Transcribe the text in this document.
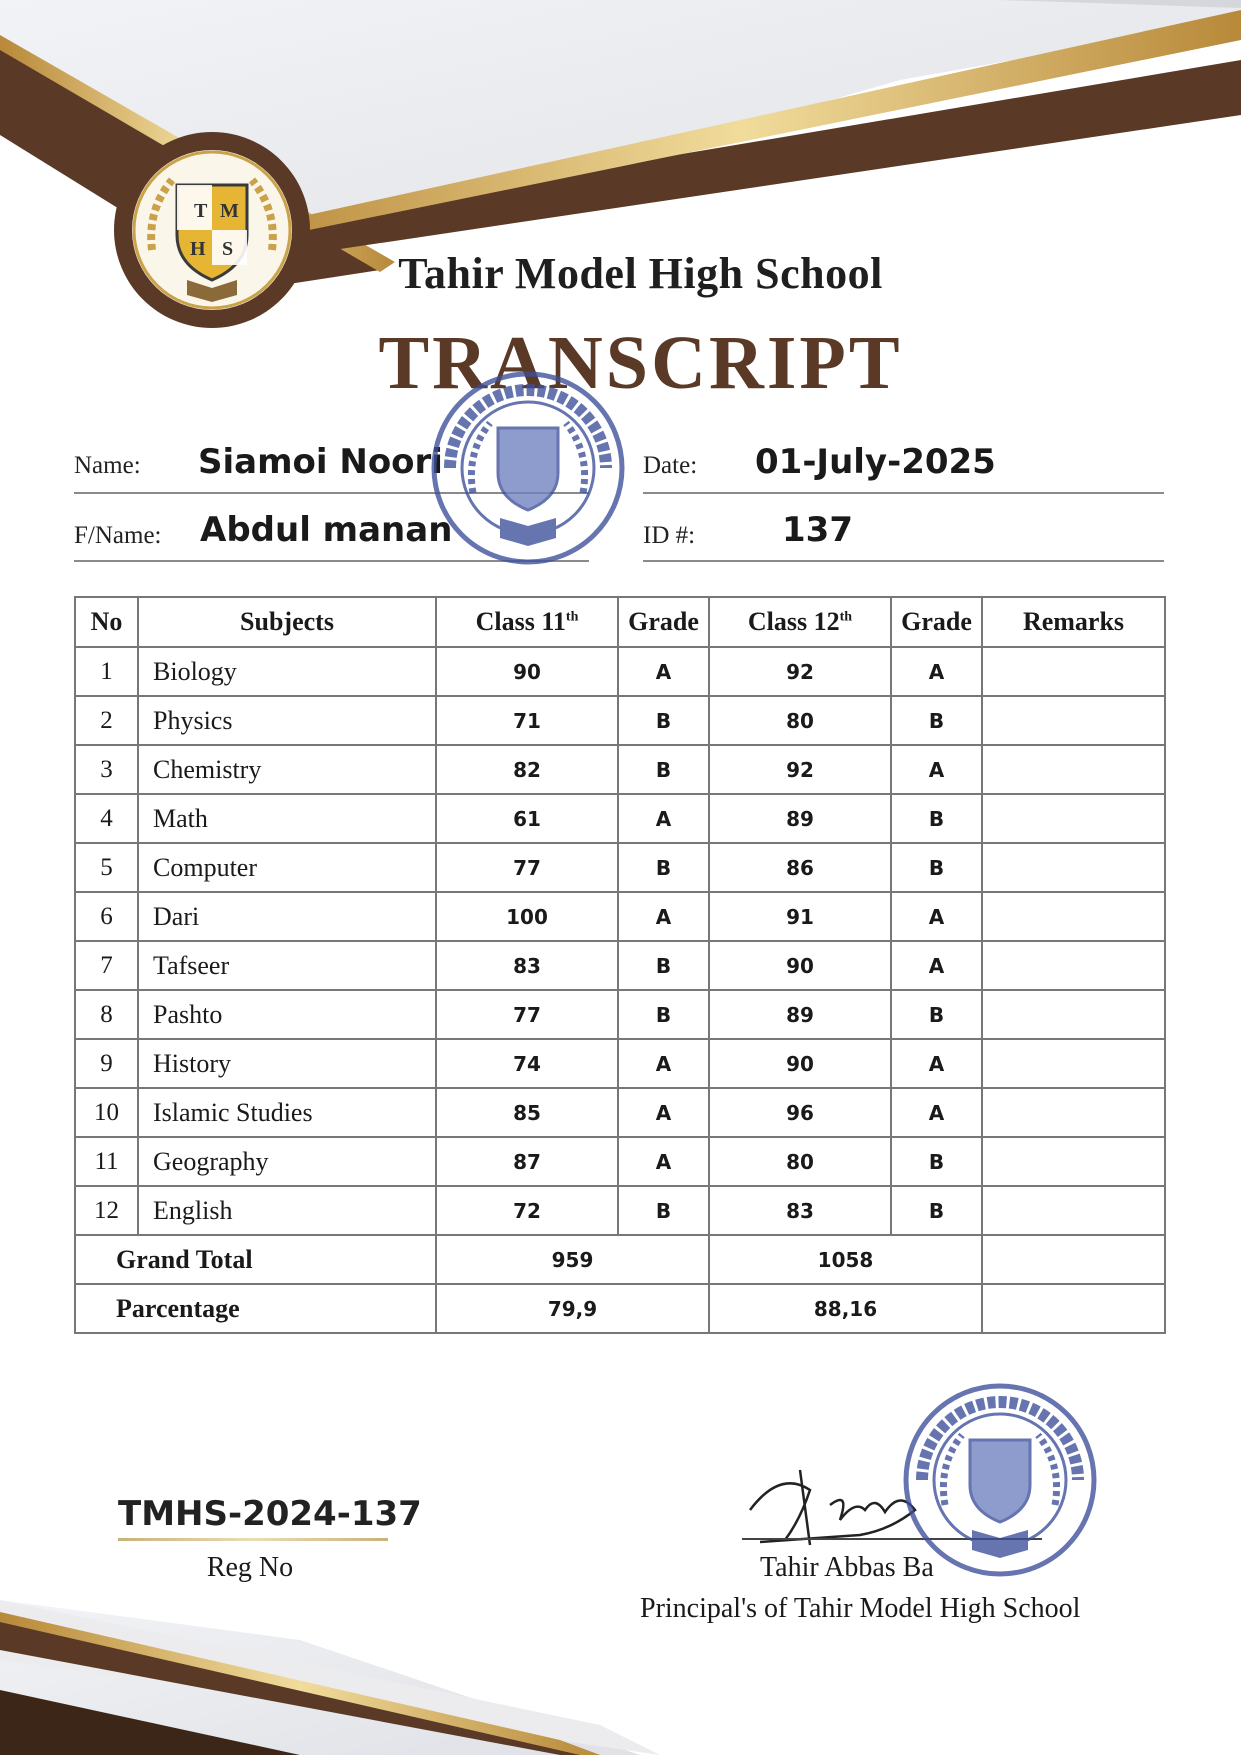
T M
H S	Tahir Model High School
TRANSCRIPT
Name: Siamoi Noori
F/Name: Abdul manan
Date: 01-July-2025
ID #:	137
No	Subjects	Class 11th	Grade	Class 12th	Grade	Remarks
1	Biology	90	A	92	A	
2	Physics	71	B	80	B	
3	Chemistry	82	B	92	A	
4	Math	61	A	89	B	
5	Computer	77	B	86	B	
6	Dari	100	A	91	A	
7	Tafseer	83	B	90	A	
8	Pashto	77	B	89	B	
9	History	74	A	90	A	
10	Islamic Studies	85	A	96	A	
11	Geography	87	A	80	B	
12	English	72	B	83	B	
Grand Total		959		1058		
Parcentage		79,9		88,16		
TMHS-2024-137
Reg No	Tahir Abbas Ba
Principal's of Tahir Model High School
